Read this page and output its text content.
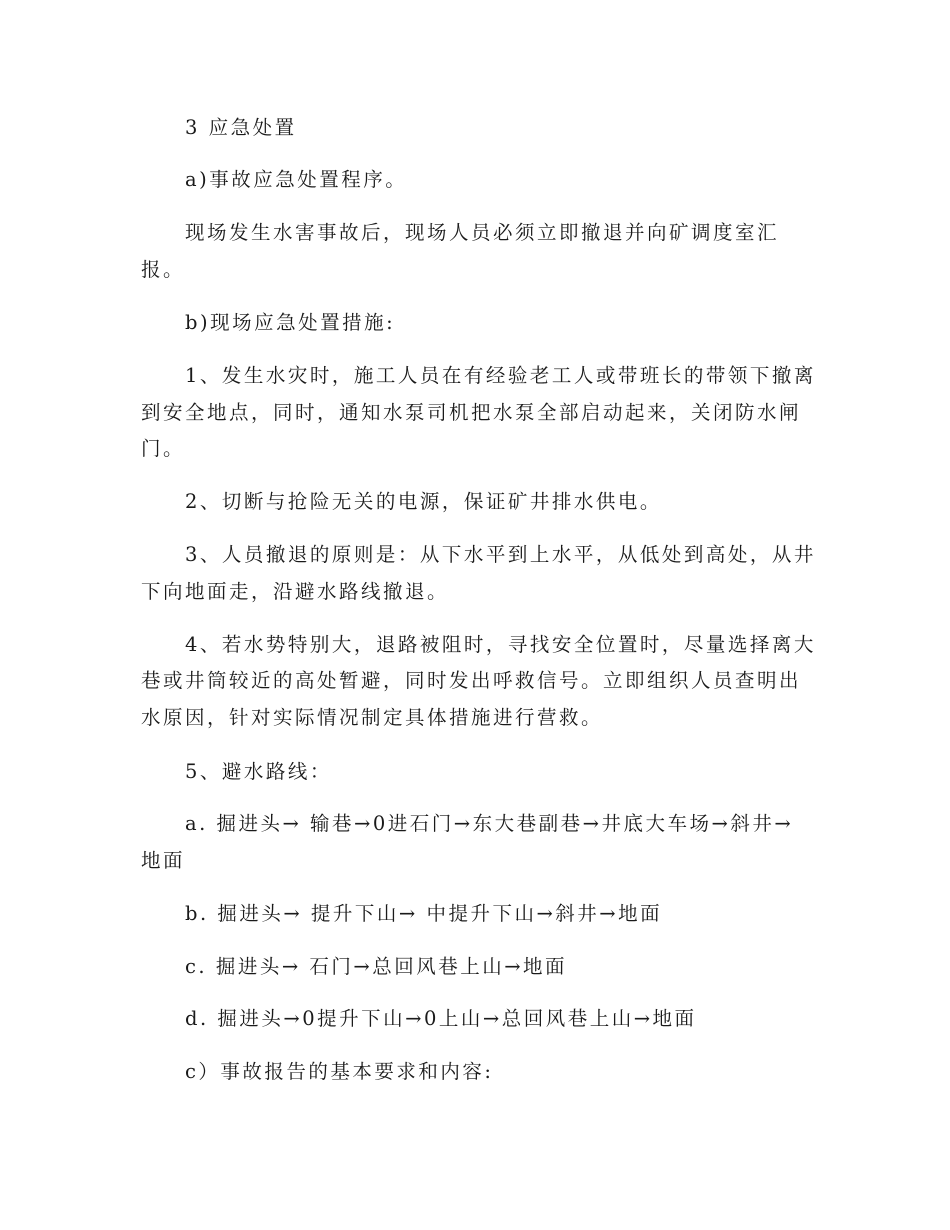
3 应急处置
a)事故应急处置程序。
现场发生水害事故后，现场人员必须立即撤退并向矿调度室汇
报。
b)现场应急处置措施:
1、发生水灾时，施工人员在有经验老工人或带班长的带领下撤离
到安全地点，同时，通知水泵司机把水泵全部启动起来，关闭防水闸
门。
2、切断与抢险无关的电源，保证矿井排水供电。
3、人员撤退的原则是：从下水平到上水平，从低处到高处，从井
下向地面走，沿避水路线撤退。
4、若水势特别大，退路被阻时，寻找安全位置时，尽量选择离大
巷或井筒较近的高处暂避，同时发出呼救信号。立即组织人员查明出
水原因，针对实际情况制定具体措施进行营救。
5、避水路线：
a. 掘进头→ 输巷→0进石门→东大巷副巷→井底大车场→斜井→
地面
b. 掘进头→ 提升下山→ 中提升下山→斜井→地面
c. 掘进头→ 石门→总回风巷上山→地面
d. 掘进头→0提升下山→0上山→总回风巷上山→地面
c）事故报告的基本要求和内容:
